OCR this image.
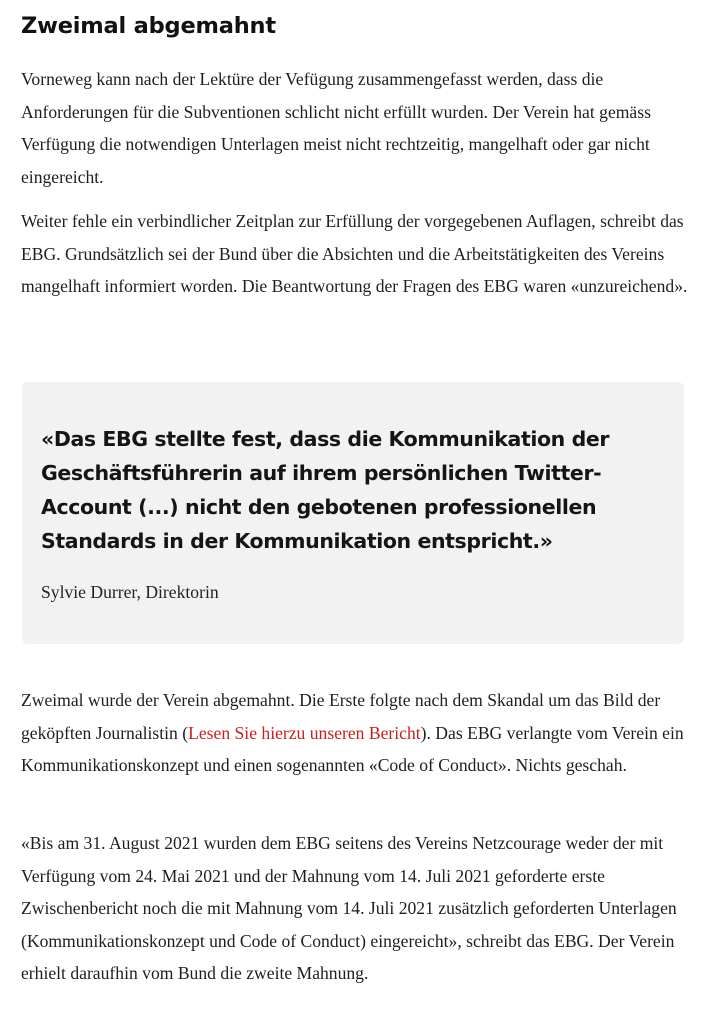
Zweimal abgemahnt

Vorneweg kann nach der Lektüre der Vefügung zusammengefasst werden, dass die Anforderungen für die Subventionen schlicht nicht erfüllt wurden. Der Verein hat gemäss Verfügung die notwendigen Unterlagen meist nicht rechtzeitig, mangelhaft oder gar nicht eingereicht.

Weiter fehle ein verbindlicher Zeitplan zur Erfüllung der vorgegebenen Auflagen, schreibt das EBG. Grundsätzlich sei der Bund über die Absichten und die Arbeitstätigkeiten des Vereins mangelhaft informiert worden. Die Beantwortung der Fragen des EBG waren «unzureichend».

«Das EBG stellte fest, dass die Kommunikation der Geschäftsführerin auf ihrem persönlichen Twitter-Account (...) nicht den gebotenen professionellen Standards in der Kommunikation entspricht.»

Sylvie Durrer, Direktorin

Zweimal wurde der Verein abgemahnt. Die Erste folgte nach dem Skandal um das Bild der geköpften Journalistin (Lesen Sie hierzu unseren Bericht). Das EBG verlangte vom Verein ein Kommunikationskonzept und einen sogenannten «Code of Conduct». Nichts geschah.

«Bis am 31. August 2021 wurden dem EBG seitens des Vereins Netzcourage weder der mit Verfügung vom 24. Mai 2021 und der Mahnung vom 14. Juli 2021 geforderte erste Zwischenbericht noch die mit Mahnung vom 14. Juli 2021 zusätzlich geforderten Unterlagen (Kommunikationskonzept und Code of Conduct) eingereicht», schreibt das EBG. Der Verein erhielt daraufhin vom Bund die zweite Mahnung.
